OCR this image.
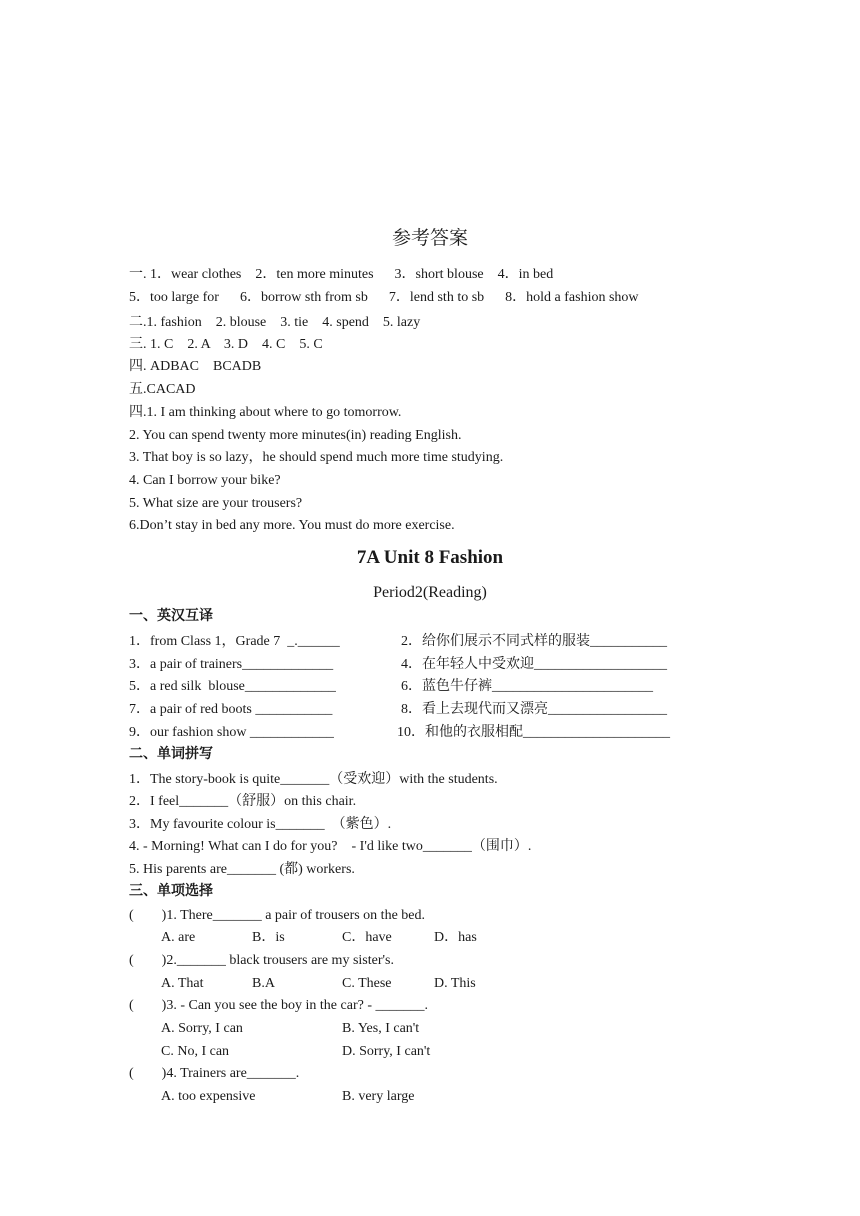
参考答案
一. 1．wear clothes    2．ten more minutes      3．short blouse    4．in bed
5．too large for      6．borrow sth from sb      7．lend sth to sb      8．hold a fashion show
二.1. fashion    2. blouse    3. tie    4. spend    5. lazy
三. 1. C    2. A    3. D    4. C    5. C
四. ADBAC    BCADB
五.CACAD
四.1. I am thinking about where to go tomorrow.
2. You can spend twenty more minutes(in) reading English.
3. That boy is so lazy，he should spend much more time studying.
4. Can I borrow your bike?
5. What size are your trousers?
6.Don’t stay in bed any more. You must do more exercise.
7A Unit 8 Fashion
Period2(Reading)
一、英汉互译
1．from Class 1，Grade 7  _.______	2．给你们展示不同式样的服装___________
3．a pair of trainers_____________	4．在年轻人中受欢迎___________________
5．a red silk  blouse_____________	6．蓝色牛仔裤_______________________
7．a pair of red boots ___________	8．看上去现代而又漂亮_________________
9．our fashion show ____________	10．和他的衣服相配_____________________
二、单词拼写
1．The story-book is quite_______（受欢迎）with the students.
2．I feel_______（舒服）on this chair.
3．My favourite colour is_______  （紫色）.
4. - Morning! What can I do for you?    - I'd like two_______（围巾）.
5. His parents are_______ (都) workers.
三、单项选择
(        )1. There_______ a pair of trousers on the bed.
A. are	B．is	C．have	D．has
(        )2._______ black trousers are my sister's.
A. That	B.A	C. These	D. This
(        )3. - Can you see the boy in the car? - _______.
A. Sorry, I can	B. Yes, I can't
C. No, I can	D. Sorry, I can't
(        )4. Trainers are_______.
A. too expensive	B. very large
